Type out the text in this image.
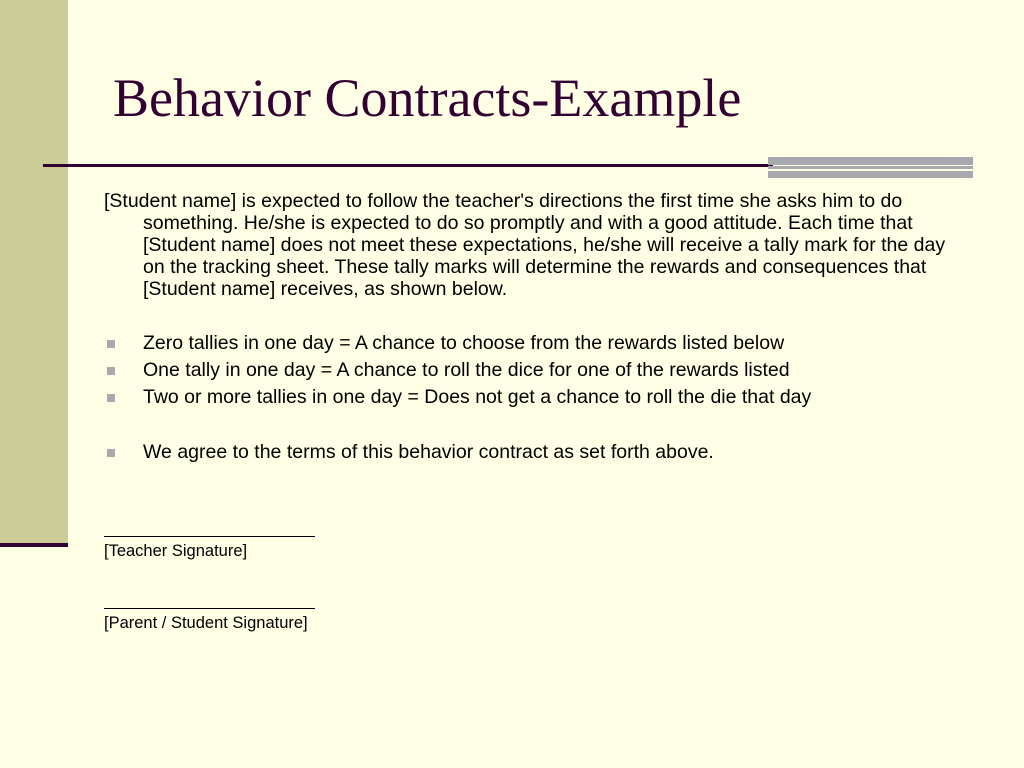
Behavior Contracts-Example

[Student name] is expected to follow the teacher's directions the first time she asks him to do something. He/she is expected to do so promptly and with a good attitude. Each time that [Student name] does not meet these expectations, he/she will receive a tally mark for the day on the tracking sheet. These tally marks will determine the rewards and consequences that [Student name] receives, as shown below.

Zero tallies in one day = A chance to choose from the rewards listed below
One tally in one day = A chance to roll the dice for one of the rewards listed
Two or more tallies in one day = Does not get a chance to roll the die that day
We agree to the terms of this behavior contract as set forth above.
[Teacher Signature]
[Parent / Student Signature]
